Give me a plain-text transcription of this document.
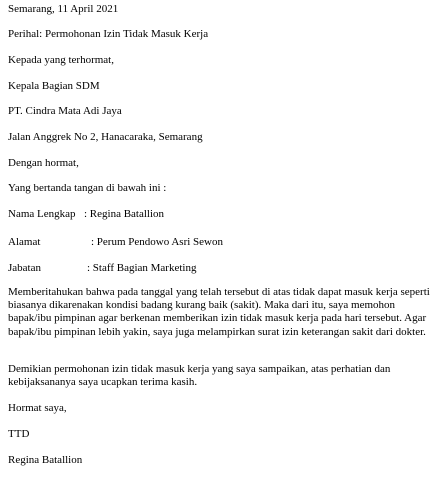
Semarang, 11 April 2021
Perihal: Permohonan Izin Tidak Masuk Kerja
Kepada yang terhormat,
Kepala Bagian SDM
PT. Cindra Mata Adi Jaya
Jalan Anggrek No 2, Hanacaraka, Semarang
Dengan hormat,
Yang bertanda tangan di bawah ini :
Nama Lengkap : Regina Batallion
Alamat	: Perum Pendowo Asri Sewon
Jabatan	: Staff Bagian Marketing
Memberitahukan bahwa pada tanggal yang telah tersebut di atas tidak dapat masuk kerja seperti biasanya dikarenakan kondisi badang kurang baik (sakit). Maka dari itu, saya memohon bapak/ibu pimpinan agar berkenan memberikan izin tidak masuk kerja pada hari tersebut. Agar bapak/ibu pimpinan lebih yakin, saya juga melampirkan surat izin keterangan sakit dari dokter.
Demikian permohonan izin tidak masuk kerja yang saya sampaikan, atas perhatian dan kebijaksananya saya ucapkan terima kasih.
Hormat saya,
TTD
Regina Batallion
